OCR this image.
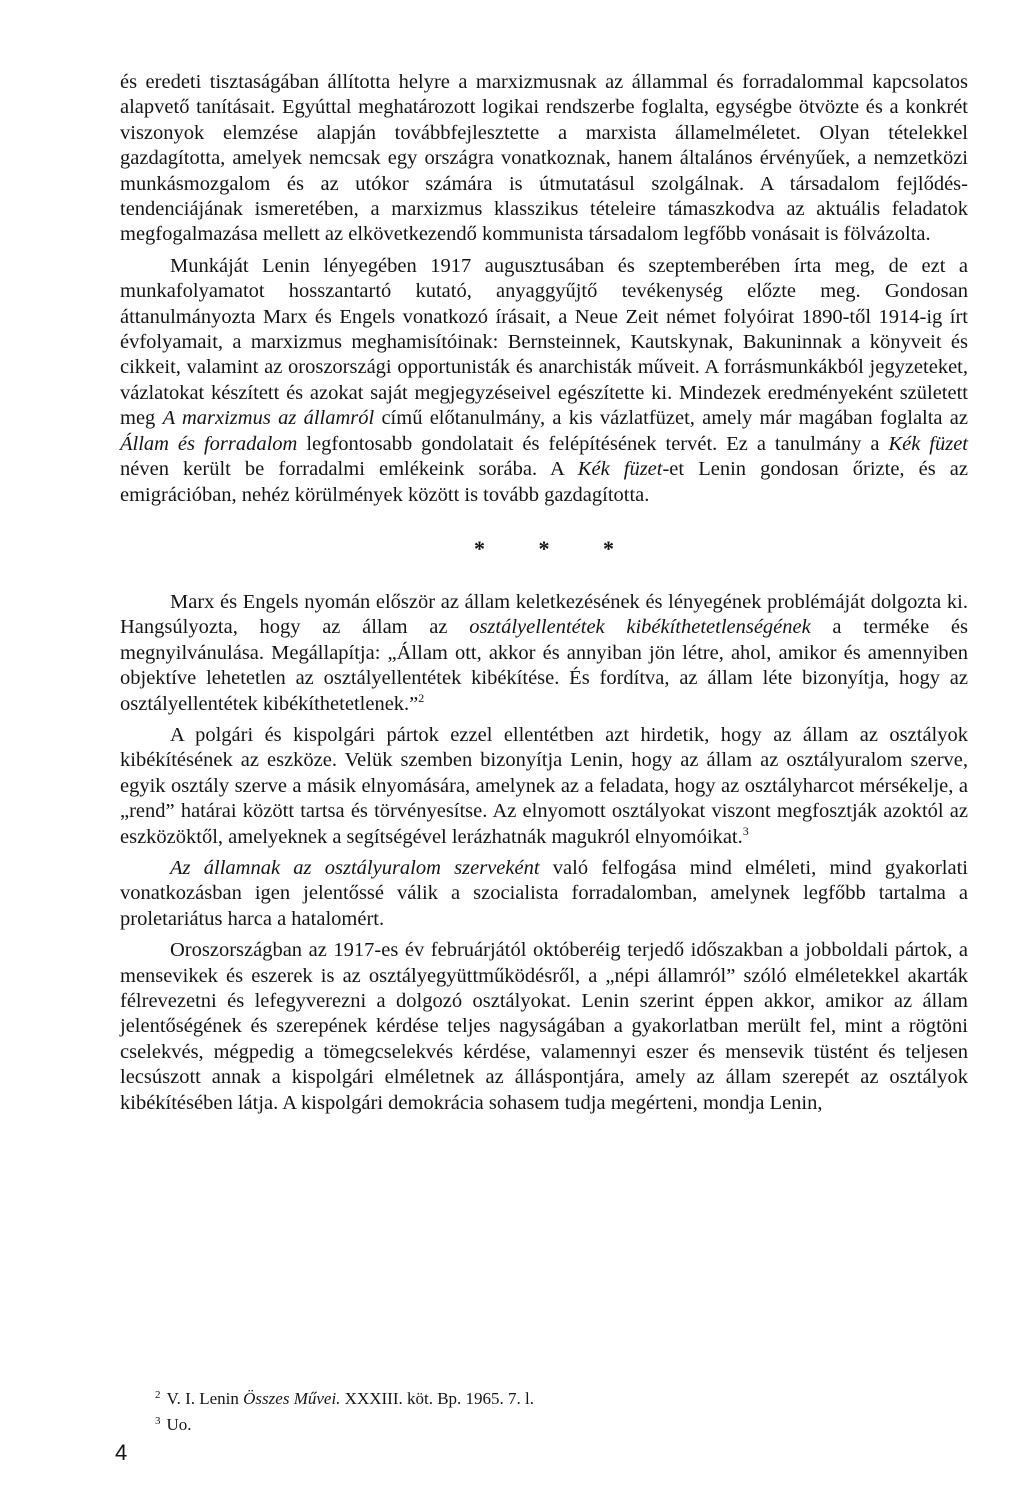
és eredeti tisztaságában állította helyre a marxizmusnak az állammal és forradalommal kapcsolatos alapvető tanításait. Egyúttal meghatározott logikai rendszerbe foglalta, egységbe ötvözte és a konkrét viszonyok elemzése alapján továbbfejlesztette a marxista államelméletet. Olyan tételekkel gazdagította, amelyek nemcsak egy országra vonatkoznak, hanem általános érvényűek, a nemzetközi munkásmozgalom és az utókor számára is útmutatásul szolgálnak. A társadalom fejlődés-tendenciájának ismeretében, a marxizmus klasszikus tételeire támaszkodva az aktuális feladatok megfogalmazása mellett az elkövetkezendő kommunista társadalom legfőbb vonásait is fölvázolta.
Munkáját Lenin lényegében 1917 augusztusában és szeptemberében írta meg, de ezt a munkafolyamatot hosszantartó kutató, anyaggyűjtő tevékenység előzte meg. Gondosan áttanulmányozta Marx és Engels vonatkozó írásait, a Neue Zeit német folyóirat 1890-től 1914-ig írt évfolyamait, a marxizmus meghamisítóinak: Bernsteinnek, Kautskynak, Bakuninnak a könyveit és cikkeit, valamint az oroszországi opportunisták és anarchisták műveit. A forrásmunkákból jegyzeteket, vázlatokat készített és azokat saját megjegyzéseivel egészítette ki. Mindezek eredményeként született meg A marxizmus az államról című előtanulmány, a kis vázlatfüzet, amely már magában foglalta az Állam és forradalom legfontosabb gondolatait és felépítésének tervét. Ez a tanulmány a Kék füzet néven került be forradalmi emlékeink sorába. A Kék füzet-et Lenin gondosan őrizte, és az emigrációban, nehéz körülmények között is tovább gazdagította.
* * *
Marx és Engels nyomán először az állam keletkezésének és lényegének problémáját dolgozta ki. Hangsúlyozta, hogy az állam az osztályellentétek kibékíthetetlenségének a terméke és megnyilvánulása. Megállapítja: „Állam ott, akkor és annyiban jön létre, ahol, amikor és amennyiben objektíve lehetetlen az osztályellentétek kibékítése. És fordítva, az állam léte bizonyítja, hogy az osztályellentétek kibékíthetetlenek.”$^2$
A polgári és kispolgári pártok ezzel ellentétben azt hirdetik, hogy az állam az osztályok kibékítésének az eszköze. Velük szemben bizonyítja Lenin, hogy az állam az osztályuralom szerve, egyik osztály szerve a másik elnyomására, amelynek az a feladata, hogy az osztályharcot mérsékelje, a „rend” határai között tartsa és törvényesítse. Az elnyomott osztályokat viszont megfosztják azoktól az eszközöktől, amelyeknek a segítségével lerázhatnák magukról elnyomóikat.$^3$
Az államnak az osztályuralom szerveként való felfogása mind elméleti, mind gyakorlati vonatkozásban igen jelentőssé válik a szocialista forradalomban, amelynek legfőbb tartalma a proletariátus harca a hatalomért.
Oroszországban az 1917-es év februárjától októberéig terjedő időszakban a jobboldali pártok, a mensevikek és eszerek is az osztályegyüttműködésről, a „népi államról” szóló elméletekkel akarták félrevezetni és lefegyverezni a dolgozó osztályokat. Lenin szerint éppen akkor, amikor az állam jelentőségének és szerepének kérdése teljes nagyságában a gyakorlatban merült fel, mint a rögtöni cselekvés, mégpedig a tömegcselekvés kérdése, valamennyi eszer és mensevik tüstént és teljesen lecsúszott annak a kispolgári elméletnek az álláspontjára, amely az állam szerepét az osztályok kibékítésében látja. A kispolgári demokrácia sohasem tudja megérteni, mondja Lenin,
$^2$ V. I. Lenin Összes Művei. XXXIII. köt. Bp. 1965. 7. l.
$^3$ Uo.
4
